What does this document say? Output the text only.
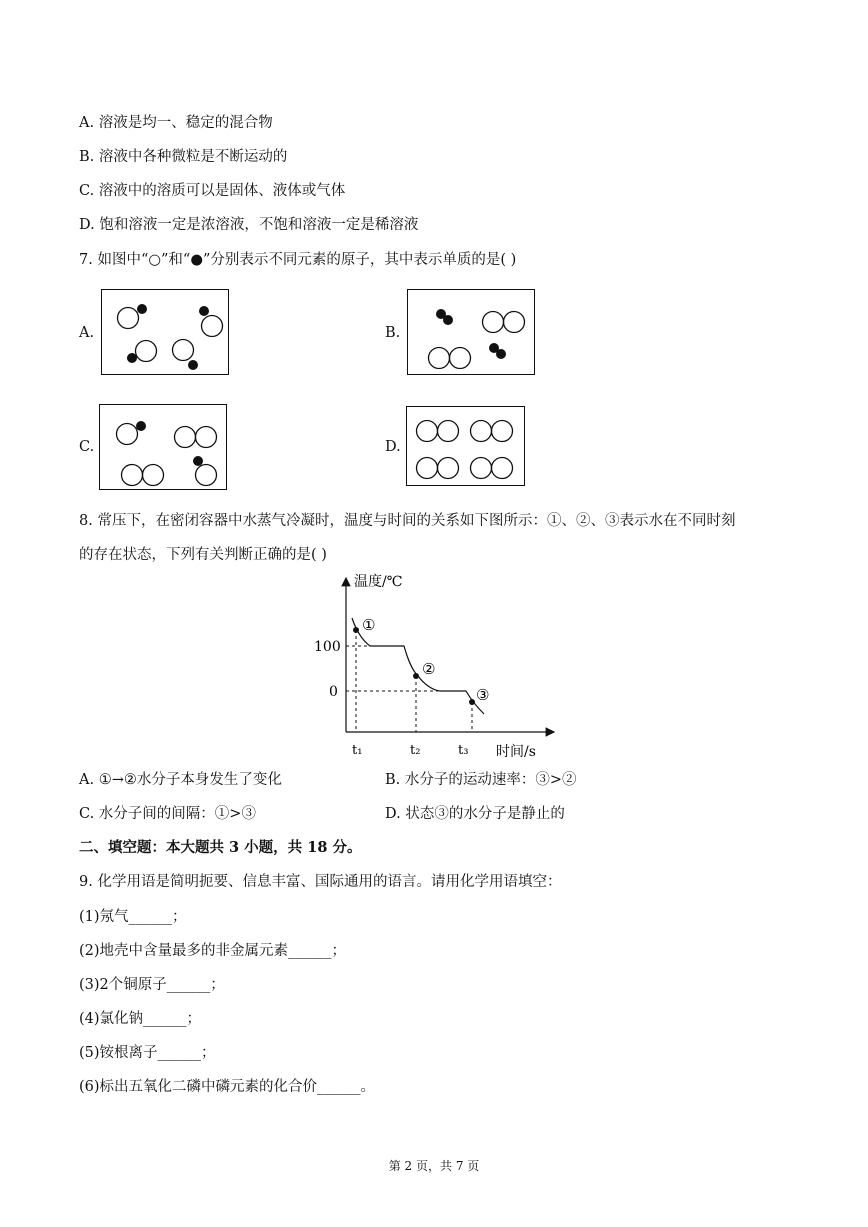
A. 溶液是均一、稳定的混合物
B. 溶液中各种微粒是不断运动的
C. 溶液中的溶质可以是固体、液体或气体
D. 饱和溶液一定是浓溶液，不饱和溶液一定是稀溶液
7. 如图中“○”和“●”分别表示不同元素的原子，其中表示单质的是( )
A.	B.
C.	D.
8. 常压下，在密闭容器中水蒸气冷凝时，温度与时间的关系如下图所示：①、②、③表示水在不同时刻
的存在状态，下列有关判断正确的是( )
温度/℃
时间/s
100
0
t₁	t₂	t₃
①
②
③
A. ①→②水分子本身发生了变化	B. 水分子的运动速率：③>②
C. 水分子间的间隔：①>③	D. 状态③的水分子是静止的
二、填空题：本大题共 3 小题，共 18 分。
9. 化学用语是简明扼要、信息丰富、国际通用的语言。请用化学用语填空：
(1)氖气______；
(2)地壳中含量最多的非金属元素______；
(3)2个铜原子______；
(4)氯化钠______；
(5)铵根离子______；
(6)标出五氧化二磷中磷元素的化合价______。
第 2 页，共 7 页
